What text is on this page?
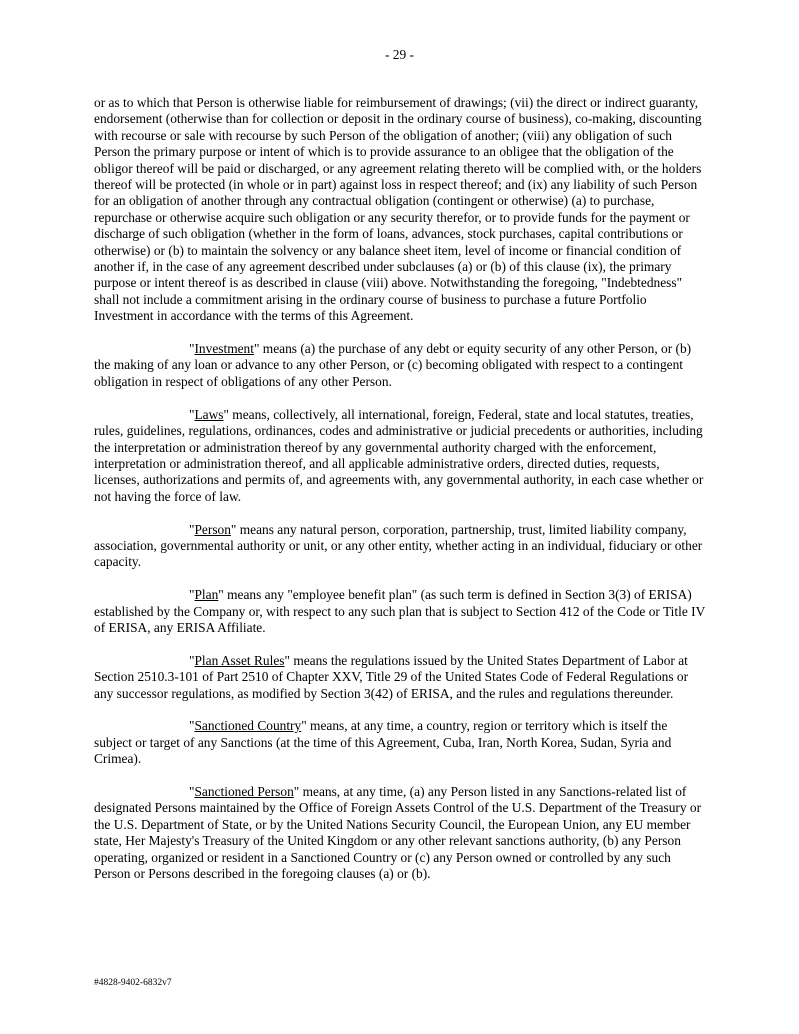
- 29 -

or as to which that Person is otherwise liable for reimbursement of drawings; (vii) the direct or indirect guaranty, endorsement (otherwise than for collection or deposit in the ordinary course of business), co-making, discounting with recourse or sale with recourse by such Person of the obligation of another; (viii) any obligation of such Person the primary purpose or intent of which is to provide assurance to an obligee that the obligation of the obligor thereof will be paid or discharged, or any agreement relating thereto will be complied with, or the holders thereof will be protected (in whole or in part) against loss in respect thereof; and (ix) any liability of such Person for an obligation of another through any contractual obligation (contingent or otherwise) (a) to purchase, repurchase or otherwise acquire such obligation or any security therefor, or to provide funds for the payment or discharge of such obligation (whether in the form of loans, advances, stock purchases, capital contributions or otherwise) or (b) to maintain the solvency or any balance sheet item, level of income or financial condition of another if, in the case of any agreement described under subclauses (a) or (b) of this clause (ix), the primary purpose or intent thereof is as described in clause (viii) above. Notwithstanding the foregoing, "Indebtedness" shall not include a commitment arising in the ordinary course of business to purchase a future Portfolio Investment in accordance with the terms of this Agreement.

"Investment" means (a) the purchase of any debt or equity security of any other Person, or (b) the making of any loan or advance to any other Person, or (c) becoming obligated with respect to a contingent obligation in respect of obligations of any other Person.

"Laws" means, collectively, all international, foreign, Federal, state and local statutes, treaties, rules, guidelines, regulations, ordinances, codes and administrative or judicial precedents or authorities, including the interpretation or administration thereof by any governmental authority charged with the enforcement, interpretation or administration thereof, and all applicable administrative orders, directed duties, requests, licenses, authorizations and permits of, and agreements with, any governmental authority, in each case whether or not having the force of law.

"Person" means any natural person, corporation, partnership, trust, limited liability company, association, governmental authority or unit, or any other entity, whether acting in an individual, fiduciary or other capacity.

"Plan" means any "employee benefit plan" (as such term is defined in Section 3(3) of ERISA) established by the Company or, with respect to any such plan that is subject to Section 412 of the Code or Title IV of ERISA, any ERISA Affiliate.

"Plan Asset Rules" means the regulations issued by the United States Department of Labor at Section 2510.3-101 of Part 2510 of Chapter XXV, Title 29 of the United States Code of Federal Regulations or any successor regulations, as modified by Section 3(42) of ERISA, and the rules and regulations thereunder.

"Sanctioned Country" means, at any time, a country, region or territory which is itself the subject or target of any Sanctions (at the time of this Agreement, Cuba, Iran, North Korea, Sudan, Syria and Crimea).

"Sanctioned Person" means, at any time, (a) any Person listed in any Sanctions-related list of designated Persons maintained by the Office of Foreign Assets Control of the U.S. Department of the Treasury or the U.S. Department of State, or by the United Nations Security Council, the European Union, any EU member state, Her Majesty's Treasury of the United Kingdom or any other relevant sanctions authority, (b) any Person operating, organized or resident in a Sanctioned Country or (c) any Person owned or controlled by any such Person or Persons described in the foregoing clauses (a) or (b).

#4828-9402-6832v7
